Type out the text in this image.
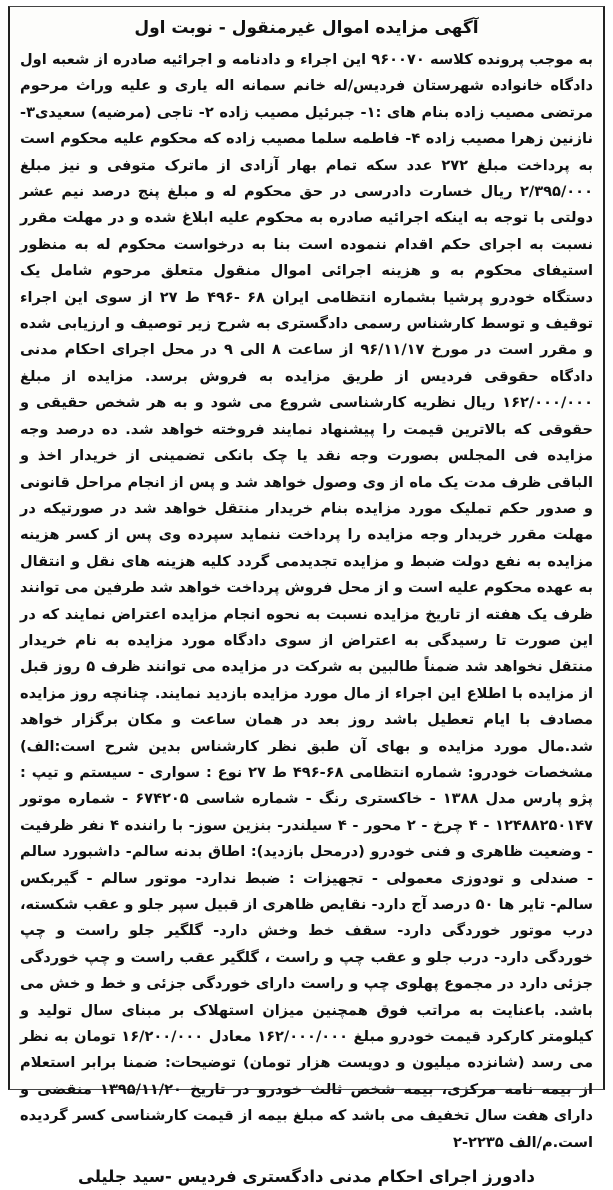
آگهی مزایده اموال غیرمنقول - نوبت اول

به موجب پرونده کلاسه ۹۶۰۰۷۰ این اجراء و دادنامه و اجرائیه صادره از شعبه اول دادگاه خانواده شهرستان فردیس/له خانم سمانه اله یاری و علیه وراث مرحوم مرتضی مصیب زاده بنام های :۱- جبرئیل مصیب زاده ۲- تاجی (مرضیه) سعیدی۳- نازنین زهرا مصیب زاده ۴- فاطمه سلما مصیب زاده که محکوم علیه محکوم است به پرداخت مبلغ ۲۷۲ عدد سکه تمام بهار آزادی از ماترک متوفی و نیز مبلغ ۲/۳۹۵/۰۰۰ ریال خسارت دادرسی در حق محکوم له و مبلغ پنج درصد نیم عشر دولتی با توجه به اینکه اجرائیه صادره به محکوم علیه ابلاغ شده و در مهلت مقرر نسبت به اجرای حکم اقدام ننموده است بنا به درخواست محکوم له به منظور استیفای محکوم به و هزینه اجرائی اموال منقول متعلق مرحوم شامل یک دستگاه خودرو پرشیا بشماره انتظامی ایران ۶۸ -۴۹۶ ط ۲۷ از سوی این اجراء توقیف و توسط کارشناس رسمی دادگستری به شرح زیر توصیف و ارزیابی شده و مقرر است در مورخ ۹۶/۱۱/۱۷ از ساعت ۸ الی ۹ در محل اجرای احکام مدنی دادگاه حقوقی فردیس از طریق مزایده به فروش برسد. مزایده از مبلغ ۱۶۲/۰۰۰/۰۰۰ ریال نظریه کارشناسی شروع می شود و به هر شخص حقیقی و حقوقی که بالاترین قیمت را پیشنهاد نمایند فروخته خواهد شد. ده درصد وجه مزایده فی المجلس بصورت وجه نقد یا چک بانکی تضمینی از خریدار اخذ و الباقی ظرف مدت یک ماه از وی وصول خواهد شد و پس از انجام مراحل قانونی و صدور حکم تملیک مورد مزایده بنام خریدار منتقل خواهد شد در صورتیکه در مهلت مقرر خریدار وجه مزایده را پرداخت ننماید سپرده وی پس از کسر هزینه مزایده به نفع دولت ضبط و مزایده تجدیدمی گردد کلیه هزینه های نقل و انتقال به عهده محکوم علیه است و از محل فروش پرداخت خواهد شد طرفین می توانند ظرف یک هفته از تاریخ مزایده نسبت به نحوه انجام مزایده اعتراض نمایند که در این صورت تا رسیدگی به اعتراض از سوی دادگاه مورد مزایده به نام خریدار منتقل نخواهد شد ضمناً طالبین به شرکت در مزایده می توانند ظرف ۵ روز قبل از مزایده با اطلاع این اجراء از مال مورد مزایده بازدید نمایند. چنانچه روز مزایده مصادف با ایام تعطیل باشد روز بعد در همان ساعت و مکان برگزار خواهد شد.مال مورد مزایده و بهای آن طبق نظر کارشناس بدین شرح است:الف) مشخصات خودرو: شماره انتظامی ۶۸-۴۹۶ ط ۲۷ نوع : سواری - سیستم و تیپ : پژو پارس مدل ۱۳۸۸ - خاکستری رنگ - شماره شاسی ۶۷۴۲۰۵ - شماره موتور ۱۲۴۸۸۲۵۰۱۴۷ - ۴ چرخ - ۲ محور - ۴ سیلندر- بنزین سوز- با راننده ۴ نفر ظرفیت - وضعیت ظاهری و فنی خودرو (درمحل بازدید): اطاق بدنه سالم- داشبورد سالم - صندلی و تودوزی معمولی - تجهیزات : ضبط ندارد- موتور سالم - گیربکس سالم- تایر ها ۵۰ درصد آج دارد- نقایص ظاهری از قبیل سپر جلو و عقب شکسته، درب موتور خوردگی دارد- سقف خط وخش دارد- گلگیر جلو راست و چپ خوردگی دارد- درب جلو و عقب چپ و راست ، گلگیر عقب راست و چپ خوردگی جزئی دارد در مجموع پهلوی چپ و راست دارای خوردگی جزئی و خط و خش می باشد. باعنایت به مراتب فوق همچنین میزان استهلاک بر مبنای سال تولید و کیلومتر کارکرد قیمت خودرو مبلغ ۱۶۲/۰۰۰/۰۰۰ معادل ۱۶/۲۰۰/۰۰۰ تومان به نظر می رسد (شانزده میلیون و دویست هزار تومان) توضیحات: ضمنا برابر استعلام از بیمه نامه مرکزی، بیمه شخص ثالث خودرو در تاریخ ۱۳۹۵/۱۱/۲۰ منقضی و دارای هفت سال تخفیف می باشد که مبلغ بیمه از قیمت کارشناسی کسر گردیده است.م/الف ۲۲۳۵-۲

دادورز اجرای احکام مدنی دادگستری فردیس -سید جلیلی
